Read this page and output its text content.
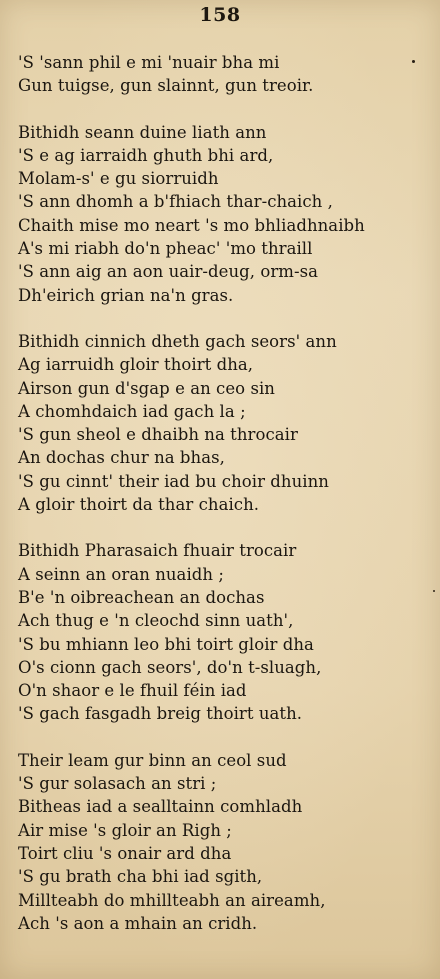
158
'S 'sann phil e mi 'nuair bha mi
Gun tuigse, gun slainnt, gun treoir.
Bithidh seann duine liath ann
'S e ag iarraidh ghuth bhi ard,
Molam-s' e gu siorruidh
'S ann dhomh a b'fhiach thar-chaich ,
Chaith mise mo neart 's mo bhliadhnaibh
A's mi riabh do'n pheac' 'mo thraill
'S ann aig an aon uair-deug, orm-sa
Dh'eirich grian na'n gras.
Bithidh cinnich dheth gach seors' ann
Ag iarruidh gloir thoirt dha,
Airson gun d'sgap e an ceo sin
A chomhdaich iad gach la ;
'S gun sheol e dhaibh na throcair
An dochas chur na bhas,
'S gu cinnt' their iad bu choir dhuinn
A gloir thoirt da thar chaich.
Bithidh Pharasaich fhuair trocair
A seinn an oran nuaidh ;
B'e 'n oibreachean an dochas
Ach thug e 'n cleochd sinn uath',
'S bu mhiann leo bhi toirt gloir dha
O's cionn gach seors', do'n t-sluagh,
O'n shaor e le fhuil féin iad
'S gach fasgadh breig thoirt uath.
Their leam gur binn an ceol sud
'S gur solasach an stri ;
Bitheas iad a sealltainn comhladh
Air mise 's gloir an Righ ;
Toirt cliu 's onair ard dha
'S gu brath cha bhi iad sgith,
Millteabh do mhillteabh an aireamh,
Ach 's aon a mhain an cridh.
